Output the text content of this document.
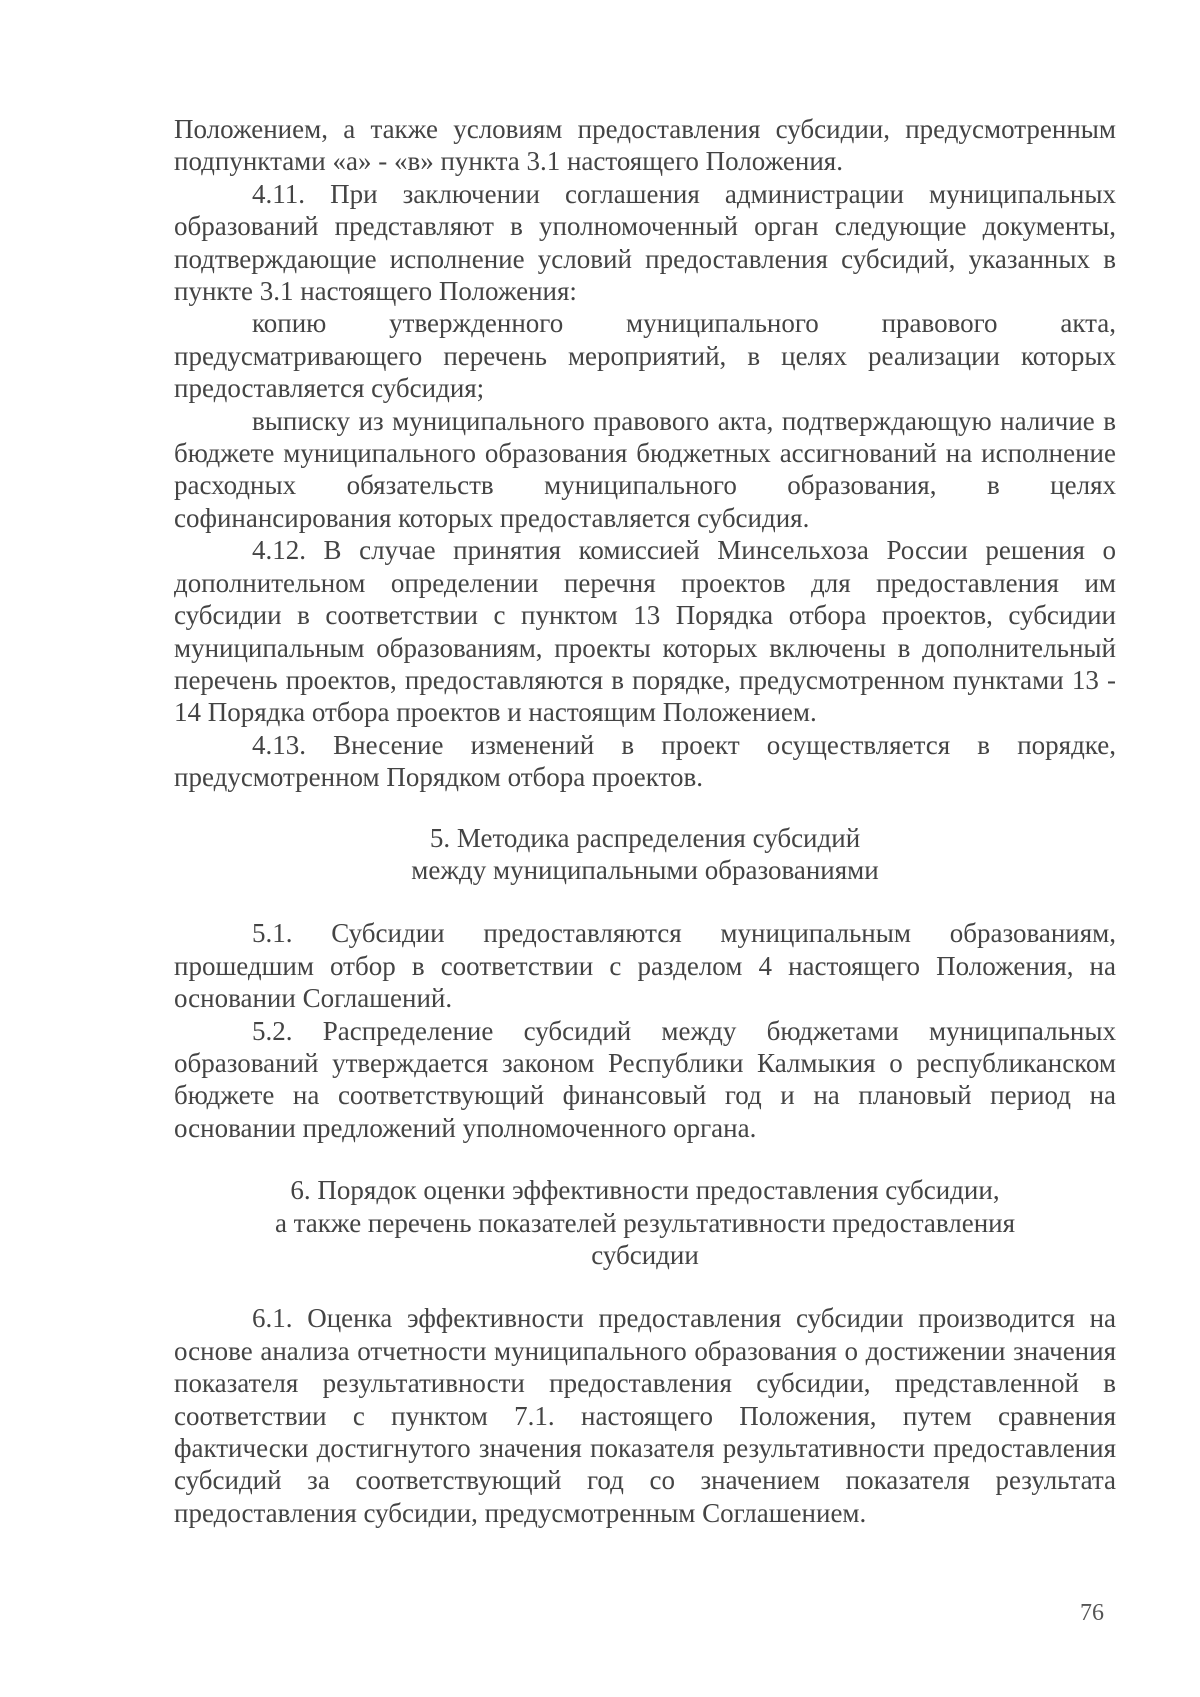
Положением, а также условиям предоставления субсидии, предусмотренным подпунктами «а» - «в» пункта 3.1 настоящего Положения.

4.11. При заключении соглашения администрации муниципальных образований представляют в уполномоченный орган следующие документы, подтверждающие исполнение условий предоставления субсидий, указанных в пункте 3.1 настоящего Положения:

копию утвержденного муниципального правового акта, предусматривающего перечень мероприятий, в целях реализации которых предоставляется субсидия;

выписку из муниципального правового акта, подтверждающую наличие в бюджете муниципального образования бюджетных ассигнований на исполнение расходных обязательств муниципального образования, в целях софинансирования которых предоставляется субсидия.

4.12. В случае принятия комиссией Минсельхоза России решения о дополнительном определении перечня проектов для предоставления им субсидии в соответствии с пунктом 13 Порядка отбора проектов, субсидии муниципальным образованиям, проекты которых включены в дополнительный перечень проектов, предоставляются в порядке, предусмотренном пунктами 13 - 14 Порядка отбора проектов и настоящим Положением.

4.13. Внесение изменений в проект осуществляется в порядке, предусмотренном Порядком отбора проектов.

5. Методика распределения субсидий

между муниципальными образованиями

5.1. Субсидии предоставляются муниципальным образованиям, прошедшим отбор в соответствии с разделом 4 настоящего Положения, на основании Соглашений.

5.2. Распределение субсидий между бюджетами муниципальных образований утверждается законом Республики Калмыкия о республиканском бюджете на соответствующий финансовый год и на плановый период на основании предложений уполномоченного органа.

6. Порядок оценки эффективности предоставления субсидии,

а также перечень показателей результативности предоставления

субсидии

6.1. Оценка эффективности предоставления субсидии производится на основе анализа отчетности муниципального образования о достижении значения показателя результативности предоставления субсидии, представленной в соответствии с пунктом 7.1. настоящего Положения, путем сравнения фактически достигнутого значения показателя результативности предоставления субсидий за соответствующий год со значением показателя результата предоставления субсидии, предусмотренным Соглашением.

76
